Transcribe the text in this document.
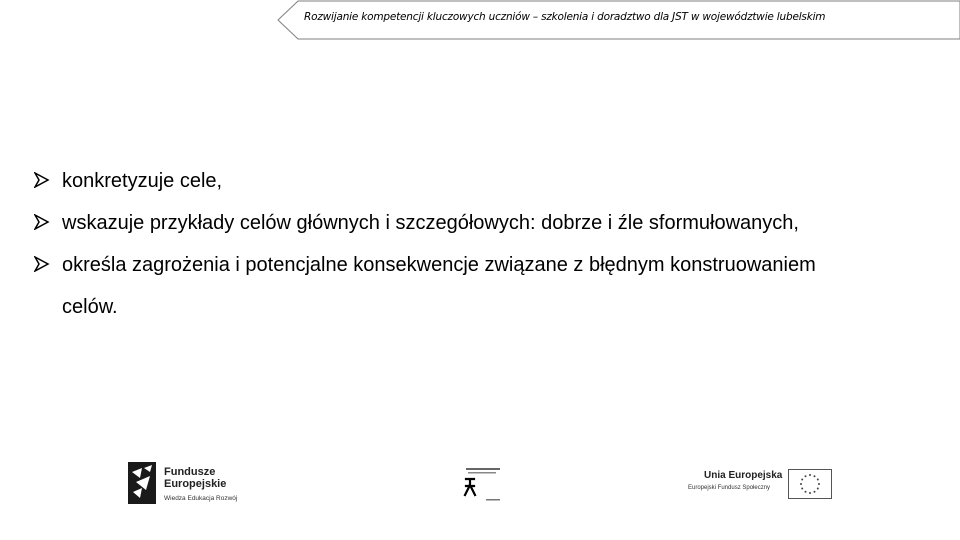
Rozwijanie kompetencji kluczowych uczniów – szkolenia i doradztwo dla JST w województwie lubelskim
konkretyzuje cele,
wskazuje przykłady celów głównych i szczegółowych: dobrze i źle sformułowanych,
określa zagrożenia i potencjalne konsekwencje związane z błędnym konstruowaniem celów.
Fundusze
Europejskie
Wiedza Edukacja Rozwój
Unia Europejska
Europejski Fundusz Społeczny
